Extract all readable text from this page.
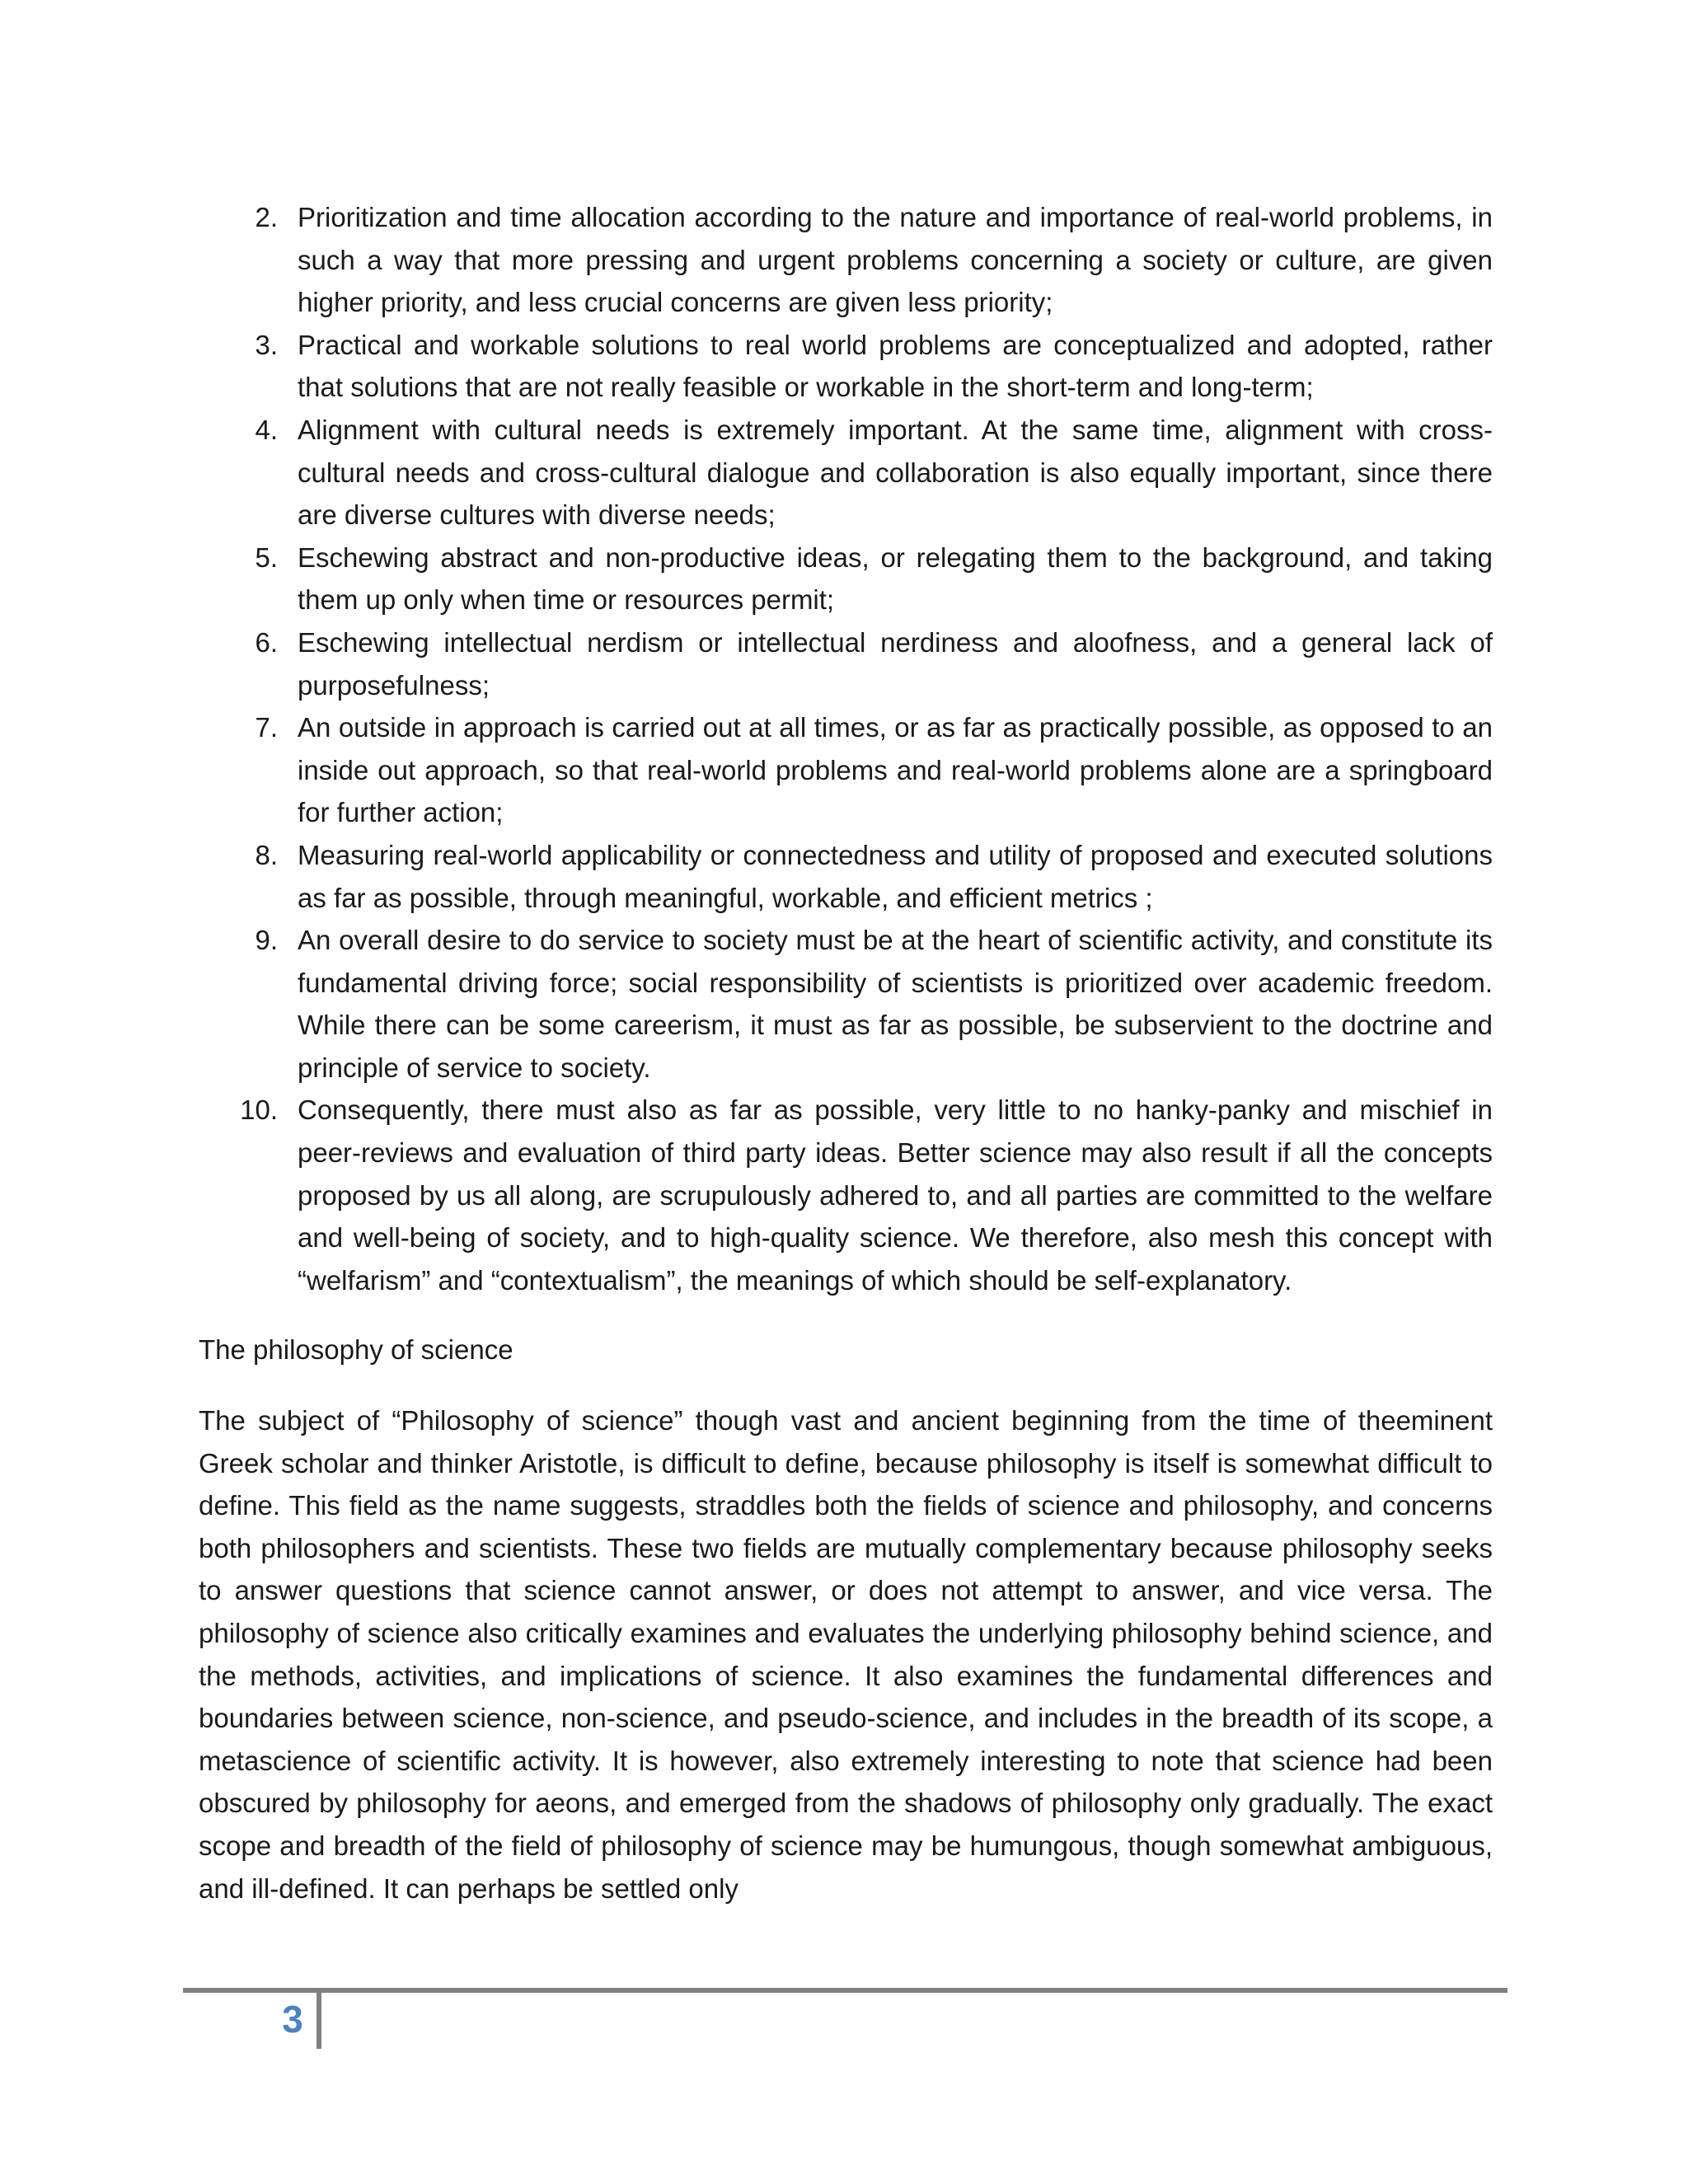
2. Prioritization and time allocation according to the nature and importance of real-world problems, in such a way that more pressing and urgent problems concerning a society or culture, are given higher priority, and less crucial concerns are given less priority;
3. Practical and workable solutions to real world problems are conceptualized and adopted, rather that solutions that are not really feasible or workable in the short-term and long-term;
4. Alignment with cultural needs is extremely important. At the same time, alignment with cross-cultural needs and cross-cultural dialogue and collaboration is also equally important, since there are diverse cultures with diverse needs;
5. Eschewing abstract and non-productive ideas, or relegating them to the background, and taking them up only when time or resources permit;
6. Eschewing intellectual nerdism or intellectual nerdiness and aloofness, and a general lack of purposefulness;
7. An outside in approach is carried out at all times, or as far as practically possible, as opposed to an inside out approach, so that real-world problems and real-world problems alone are a springboard for further action;
8. Measuring real-world applicability or connectedness and utility of proposed and executed solutions as far as possible, through meaningful, workable, and efficient metrics ;
9. An overall desire to do service to society must be at the heart of scientific activity, and constitute its fundamental driving force; social responsibility of scientists is prioritized over academic freedom. While there can be some careerism, it must as far as possible, be subservient to the doctrine and principle of service to society.
10. Consequently, there must also as far as possible, very little to no hanky-panky and mischief in peer-reviews and evaluation of third party ideas. Better science may also result if all the concepts proposed by us all along, are scrupulously adhered to, and all parties are committed to the welfare and well-being of society, and to high-quality science. We therefore, also mesh this concept with “welfarism” and “contextualism”, the meanings of which should be self-explanatory.
The philosophy of science

The subject of “Philosophy of science” though vast and ancient beginning from the time of theeminent Greek scholar and thinker Aristotle, is difficult to define, because philosophy is itself is somewhat difficult to define. This field as the name suggests, straddles both the fields of science and philosophy, and concerns both philosophers and scientists. These two fields are mutually complementary because philosophy seeks to answer questions that science cannot answer, or does not attempt to answer, and vice versa. The philosophy of science also critically examines and evaluates the underlying philosophy behind science, and the methods, activities, and implications of science. It also examines the fundamental differences and boundaries between science, non-science, and pseudo-science, and includes in the breadth of its scope, a metascience of scientific activity. It is however, also extremely interesting to note that science had been obscured by philosophy for aeons, and emerged from the shadows of philosophy only gradually. The exact scope and breadth of the field of philosophy of science may be humungous, though somewhat ambiguous, and ill-defined. It can perhaps be settled only

3
